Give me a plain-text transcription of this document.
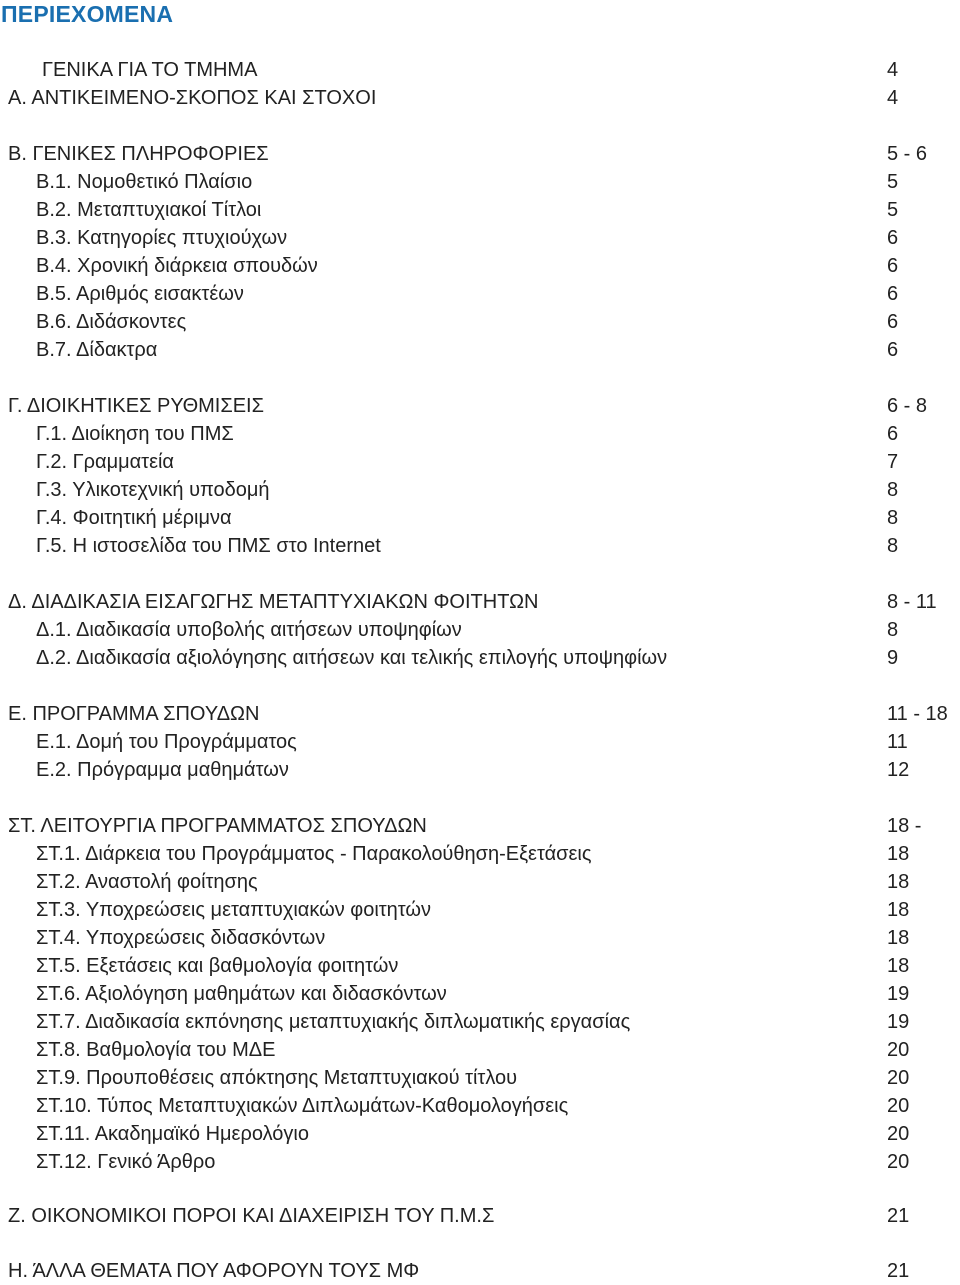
ΠΕΡΙΕΧΟΜΕΝΑ
ΓΕΝΙΚΑ ΓΙΑ ΤΟ ΤΜΗΜΑ	4
Α. ΑΝΤΙΚΕΙΜΕΝΟ-ΣΚΟΠΟΣ ΚΑΙ ΣΤΟΧΟΙ	4
Β. ΓΕΝΙΚΕΣ ΠΛΗΡΟΦΟΡΙΕΣ	5 - 6
Β.1. Νομοθετικό Πλαίσιο	5
Β.2. Μεταπτυχιακοί Τίτλοι	5
Β.3. Κατηγορίες πτυχιούχων	6
Β.4. Χρονική διάρκεια σπουδών	6
Β.5. Αριθμός εισακτέων	6
Β.6. Διδάσκοντες	6
Β.7. Δίδακτρα	6
Γ. ΔΙΟΙΚΗΤΙΚΕΣ ΡΥΘΜΙΣΕΙΣ	6 - 8
Γ.1. Διοίκηση του ΠΜΣ	6
Γ.2. Γραμματεία	7
Γ.3. Υλικοτεχνική υποδομή	8
Γ.4. Φοιτητική μέριμνα	8
Γ.5. Η ιστοσελίδα του ΠΜΣ στο Internet	8
Δ. ΔΙΑΔΙΚΑΣΙΑ ΕΙΣΑΓΩΓΗΣ ΜΕΤΑΠΤΥΧΙΑΚΩΝ ΦΟΙΤΗΤΩΝ	8 - 11
Δ.1. Διαδικασία υποβολής αιτήσεων υποψηφίων	8
Δ.2. Διαδικασία αξιολόγησης αιτήσεων και τελικής επιλογής υποψηφίων	9
Ε. ΠΡΟΓΡΑΜΜΑ ΣΠΟΥΔΩΝ	11 - 18
Ε.1. Δομή του Προγράμματος	11
Ε.2. Πρόγραμμα μαθημάτων	12
ΣΤ. ΛΕΙΤΟΥΡΓΙΑ ΠΡΟΓΡΑΜΜΑΤΟΣ ΣΠΟΥΔΩΝ	18 -
ΣΤ.1. Διάρκεια του Προγράμματος - Παρακολούθηση-Εξετάσεις	18
ΣΤ.2. Αναστολή φοίτησης	18
ΣΤ.3. Υποχρεώσεις μεταπτυχιακών φοιτητών	18
ΣΤ.4. Υποχρεώσεις διδασκόντων	18
ΣΤ.5. Εξετάσεις και βαθμολογία φοιτητών	18
ΣΤ.6. Αξιολόγηση μαθημάτων και διδασκόντων	19
ΣΤ.7. Διαδικασία εκπόνησης μεταπτυχιακής διπλωματικής εργασίας	19
ΣΤ.8. Βαθμολογία του ΜΔΕ	20
ΣΤ.9. Προυποθέσεις απόκτησης Μεταπτυχιακού τίτλου	20
ΣΤ.10. Τύπος Μεταπτυχιακών Διπλωμάτων-Καθομολογήσεις	20
ΣΤ.11. Ακαδημαϊκό Ημερολόγιο	20
ΣΤ.12. Γενικό Άρθρο	20
Ζ. ΟΙΚΟΝΟΜΙΚΟΙ ΠΟΡΟΙ ΚΑΙ ΔΙΑΧΕΙΡΙΣΗ ΤΟΥ Π.Μ.Σ	21
Η. ΆΛΛΑ ΘΕΜΑΤΑ ΠΟΥ ΑΦΟΡΟΥΝ ΤΟΥΣ ΜΦ	21
